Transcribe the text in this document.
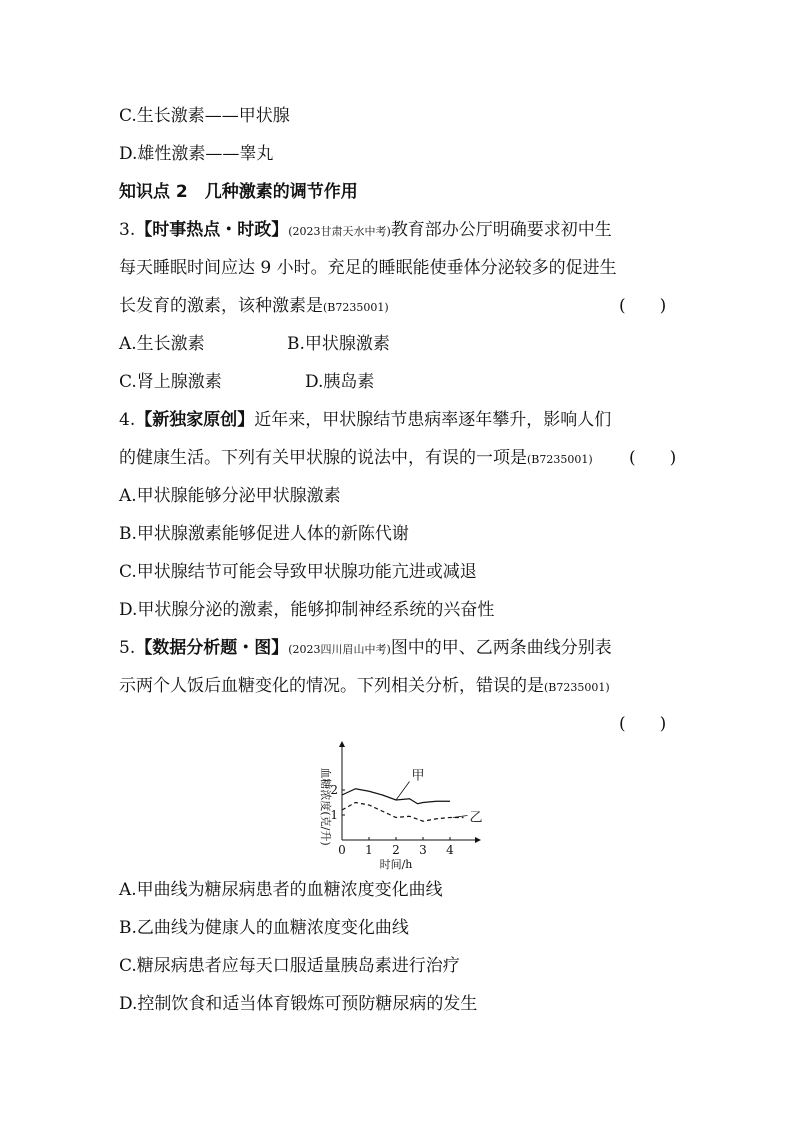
C.生长激素——甲状腺
D.雄性激素——睾丸
知识点 2　几种激素的调节作用
3.【时事热点・时政】(2023甘肃天水中考)教育部办公厅明确要求初中生
每天睡眠时间应达 9 小时。充足的睡眠能使垂体分泌较多的促进生
长发育的激素，该种激素是(B7235001)	(　　)
A.生长激素	B.甲状腺激素
C.肾上腺激素	D.胰岛素
4.【新独家原创】近年来，甲状腺结节患病率逐年攀升，影响人们
的健康生活。下列有关甲状腺的说法中，有误的一项是(B7235001) (　　)
A.甲状腺能够分泌甲状腺激素
B.甲状腺激素能够促进人体的新陈代谢
C.甲状腺结节可能会导致甲状腺功能亢进或减退
D.甲状腺分泌的激素，能够抑制神经系统的兴奋性
5.【数据分析题・图】(2023四川眉山中考)图中的甲、乙两条曲线分别表
示两个人饭后血糖变化的情况。下列相关分析，错误的是(B7235001)
(　　)
0 1 2 3 4
1
2
时间/h
血糖浓度(克/升)	甲
乙
A.甲曲线为糖尿病患者的血糖浓度变化曲线
B.乙曲线为健康人的血糖浓度变化曲线
C.糖尿病患者应每天口服适量胰岛素进行治疗
D.控制饮食和适当体育锻炼可预防糖尿病的发生
